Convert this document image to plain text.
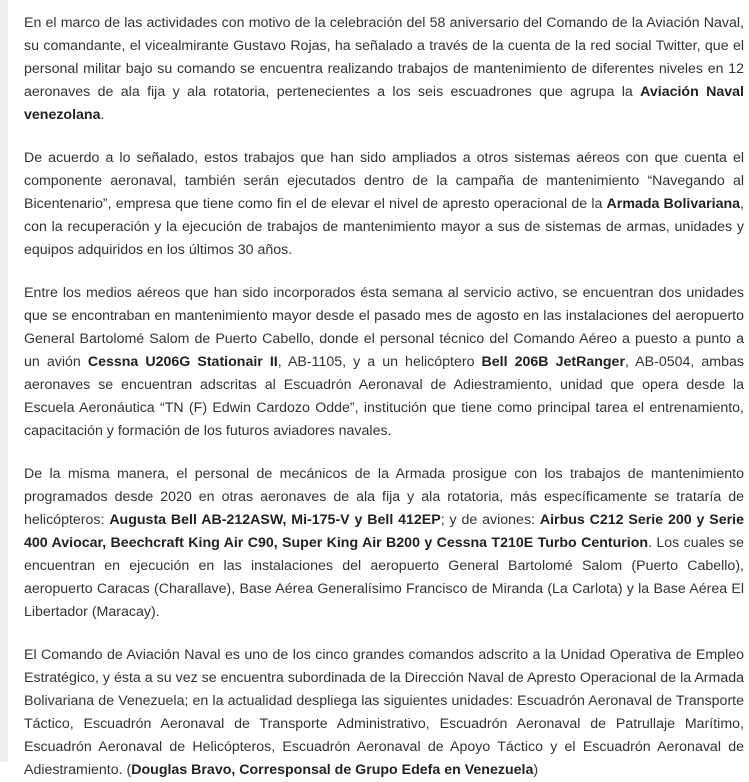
En el marco de las actividades con motivo de la celebración del 58 aniversario del Comando de la Aviación Naval, su comandante, el vicealmirante Gustavo Rojas, ha señalado a través de la cuenta de la red social Twitter, que el personal militar bajo su comando se encuentra realizando trabajos de mantenimiento de diferentes niveles en 12 aeronaves de ala fija y ala rotatoria, pertenecientes a los seis escuadrones que agrupa la Aviación Naval venezolana.

De acuerdo a lo señalado, estos trabajos que han sido ampliados a otros sistemas aéreos con que cuenta el componente aeronaval, también serán ejecutados dentro de la campaña de mantenimiento “Navegando al Bicentenario”, empresa que tiene como fin el de elevar el nivel de apresto operacional de la Armada Bolivariana, con la recuperación y la ejecución de trabajos de mantenimiento mayor a sus de sistemas de armas, unidades y equipos adquiridos en los últimos 30 años.

Entre los medios aéreos que han sido incorporados ésta semana al servicio activo, se encuentran dos unidades que se encontraban en mantenimiento mayor desde el pasado mes de agosto en las instalaciones del aeropuerto General Bartolomé Salom de Puerto Cabello, donde el personal técnico del Comando Aéreo a puesto a punto a un avión Cessna U206G Stationair II, AB-1105, y a un helicóptero Bell 206B JetRanger, AB-0504, ambas aeronaves se encuentran adscritas al Escuadrón Aeronaval de Adiestramiento, unidad que opera desde la Escuela Aeronáutica “TN (F) Edwin Cardozo Odde”, institución que tiene como principal tarea el entrenamiento, capacitación y formación de los futuros aviadores navales.

De la misma manera, el personal de mecánicos de la Armada prosigue con los trabajos de mantenimiento programados desde 2020 en otras aeronaves de ala fija y ala rotatoria, más específicamente se trataría de helicópteros: Augusta Bell AB-212ASW, Mi-175-V y Bell 412EP; y de aviones: Airbus C212 Serie 200 y Serie 400 Aviocar, Beechcraft King Air C90, Super King Air B200 y Cessna T210E Turbo Centurion. Los cuales se encuentran en ejecución en las instalaciones del aeropuerto General Bartolomé Salom (Puerto Cabello), aeropuerto Caracas (Charallave), Base Aérea Generalísimo Francisco de Miranda (La Carlota) y la Base Aérea El Libertador (Maracay).

El Comando de Aviación Naval es uno de los cinco grandes comandos adscrito a la Unidad Operativa de Empleo Estratégico, y ésta a su vez se encuentra subordinada de la Dirección Naval de Apresto Operacional de la Armada Bolivariana de Venezuela; en la actualidad despliega las siguientes unidades: Escuadrón Aeronaval de Transporte Táctico, Escuadrón Aeronaval de Transporte Administrativo, Escuadrón Aeronaval de Patrullaje Marítimo, Escuadrón Aeronaval de Helicópteros, Escuadrón Aeronaval de Apoyo Táctico y el Escuadrón Aeronaval de Adiestramiento. (Douglas Bravo, Corresponsal de Grupo Edefa en Venezuela)
